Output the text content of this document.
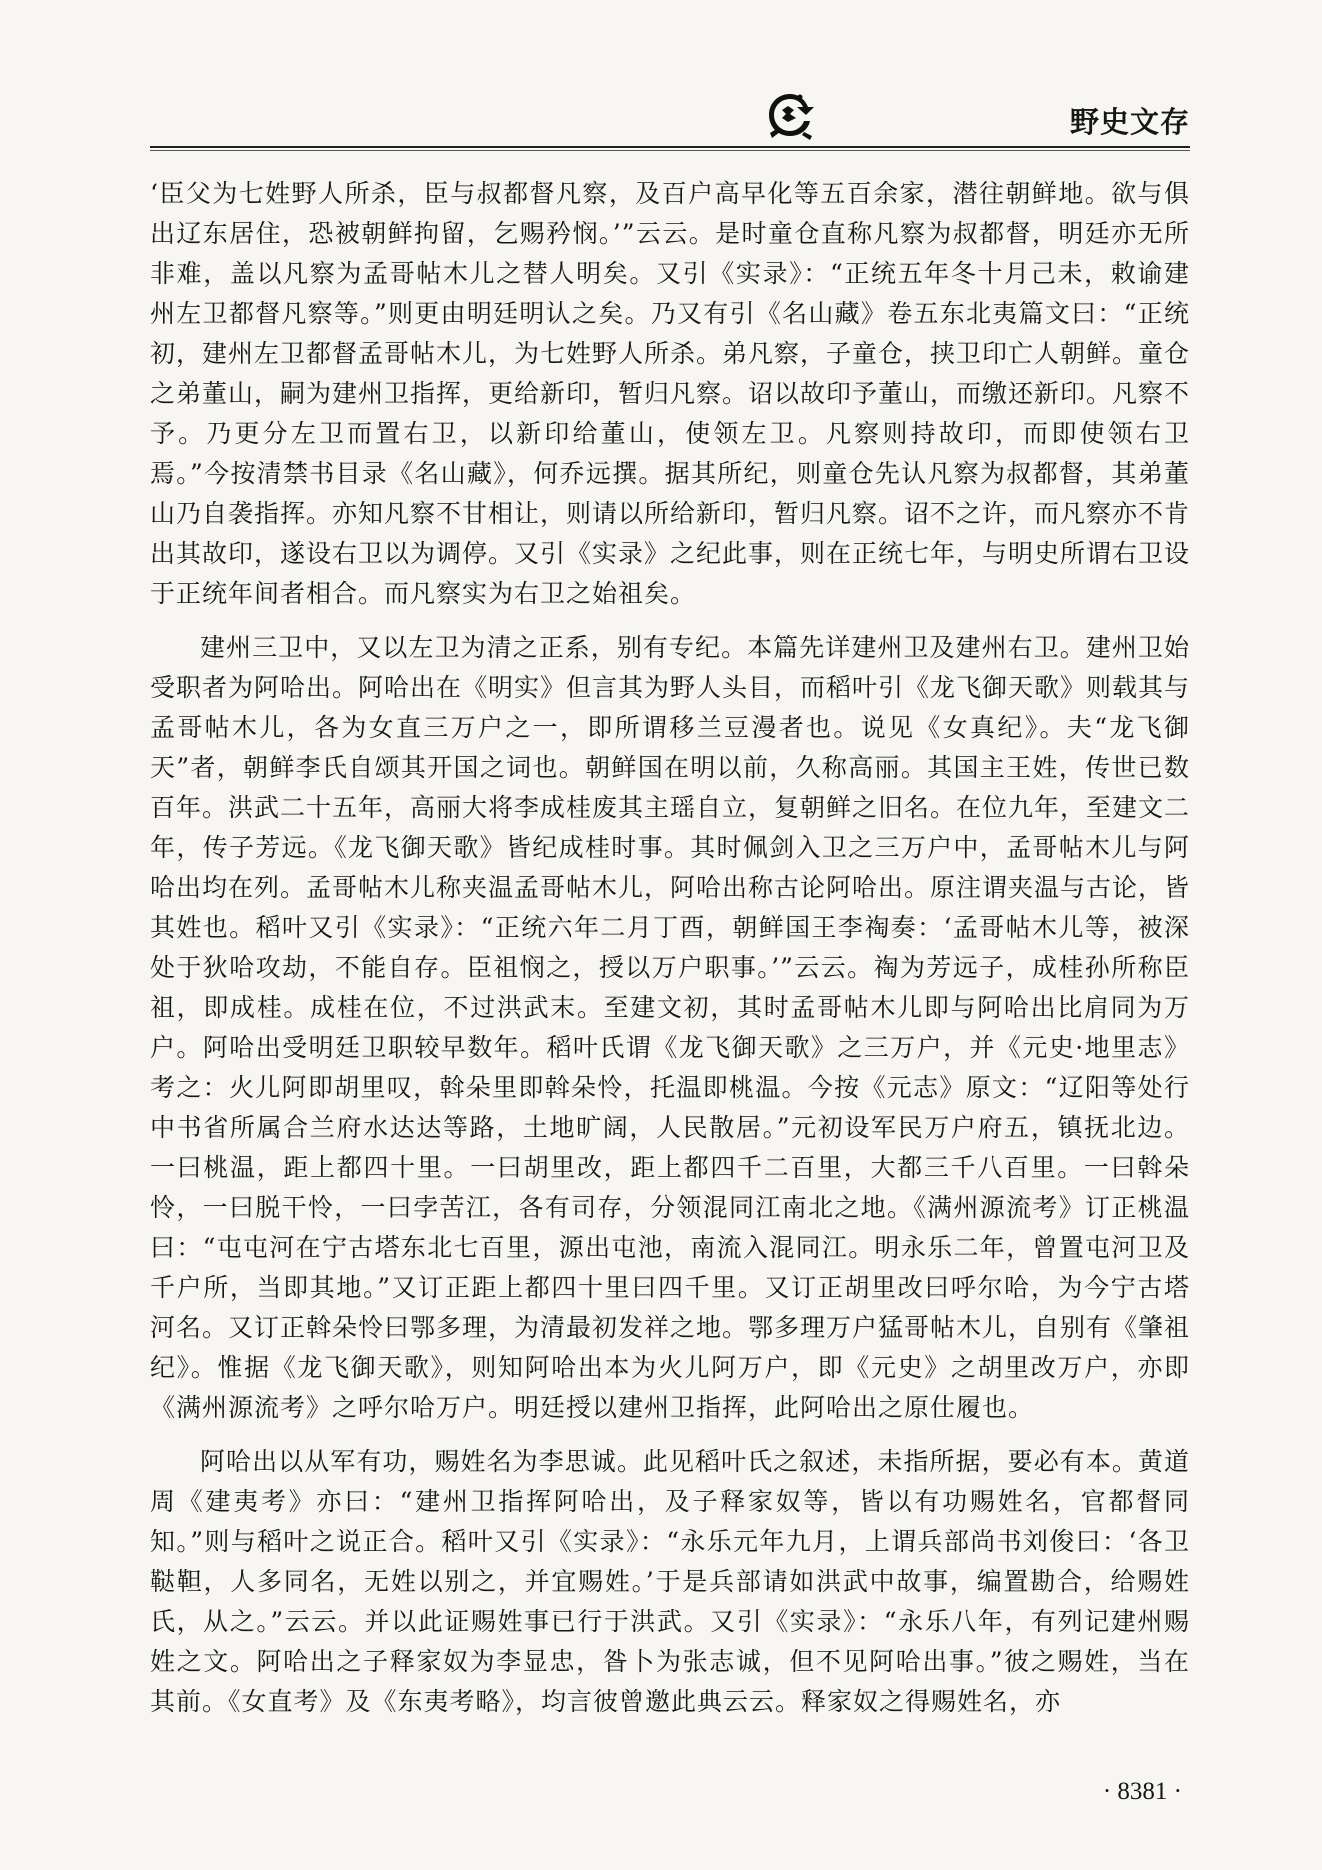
野史文存

‘臣父为七姓野人所杀，臣与叔都督凡察，及百户高早化等五百余家，潜往朝鲜地。欲与俱出辽东居住，恐被朝鲜拘留，乞赐矜悯。’”云云。是时童仓直称凡察为叔都督，明廷亦无所非难，盖以凡察为孟哥帖木儿之替人明矣。又引《实录》：“正统五年冬十月己未，敕谕建州左卫都督凡察等。”则更由明廷明认之矣。乃又有引《名山藏》卷五东北夷篇文曰：“正统初，建州左卫都督孟哥帖木儿，为七姓野人所杀。弟凡察，子童仓，挟卫印亡人朝鲜。童仓之弟董山，嗣为建州卫指挥，更给新印，暂归凡察。诏以故印予董山，而缴还新印。凡察不予。乃更分左卫而置右卫，以新印给董山，使领左卫。凡察则持故印，而即使领右卫焉。”今按清禁书目录《名山藏》，何乔远撰。据其所纪，则童仓先认凡察为叔都督，其弟董山乃自袭指挥。亦知凡察不甘相让，则请以所给新印，暂归凡察。诏不之许，而凡察亦不肯出其故印，遂设右卫以为调停。又引《实录》之纪此事，则在正统七年，与明史所谓右卫设于正统年间者相合。而凡察实为右卫之始祖矣。

建州三卫中，又以左卫为清之正系，别有专纪。本篇先详建州卫及建州右卫。建州卫始受职者为阿哈出。阿哈出在《明实》但言其为野人头目，而稻叶引《龙飞御天歌》则载其与孟哥帖木儿，各为女直三万户之一，即所谓移兰豆漫者也。说见《女真纪》。夫“龙飞御天”者，朝鲜李氏自颂其开国之词也。朝鲜国在明以前，久称高丽。其国主王姓，传世已数百年。洪武二十五年，高丽大将李成桂废其主瑶自立，复朝鲜之旧名。在位九年，至建文二年，传子芳远。《龙飞御天歌》皆纪成桂时事。其时佩剑入卫之三万户中，孟哥帖木儿与阿哈出均在列。孟哥帖木儿称夹温孟哥帖木儿，阿哈出称古论阿哈出。原注谓夹温与古论，皆其姓也。稻叶又引《实录》：“正统六年二月丁酉，朝鲜国王李祹奏：‘孟哥帖木儿等，被深处于狄哈攻劫，不能自存。臣祖悯之，授以万户职事。’”云云。祹为芳远子，成桂孙所称臣祖，即成桂。成桂在位，不过洪武末。至建文初，其时孟哥帖木儿即与阿哈出比肩同为万户。阿哈出受明廷卫职较早数年。稻叶氏谓《龙飞御天歌》之三万户，并《元史·地里志》考之：火儿阿即胡里叹，斡朵里即斡朵怜，托温即桃温。今按《元志》原文：“辽阳等处行中书省所属合兰府水达达等路，土地旷阔，人民散居。”元初设军民万户府五，镇抚北边。一曰桃温，距上都四十里。一曰胡里改，距上都四千二百里，大都三千八百里。一曰斡朵怜，一曰脱干怜，一曰孛苦江，各有司存，分领混同江南北之地。《满州源流考》订正桃温曰：“屯屯河在宁古塔东北七百里，源出屯池，南流入混同江。明永乐二年，曾置屯河卫及千户所，当即其地。”又订正距上都四十里曰四千里。又订正胡里改曰呼尔哈，为今宁古塔河名。又订正斡朵怜曰鄂多理，为清最初发祥之地。鄂多理万户猛哥帖木儿，自别有《肇祖纪》。惟据《龙飞御天歌》，则知阿哈出本为火儿阿万户，即《元史》之胡里改万户，亦即《满州源流考》之呼尔哈万户。明廷授以建州卫指挥，此阿哈出之原仕履也。

阿哈出以从军有功，赐姓名为李思诚。此见稻叶氏之叙述，未指所据，要必有本。黄道周《建夷考》亦曰：“建州卫指挥阿哈出，及子释家奴等，皆以有功赐姓名，官都督同知。”则与稻叶之说正合。稻叶又引《实录》：“永乐元年九月，上谓兵部尚书刘俊曰：‘各卫鞑靼，人多同名，无姓以别之，并宜赐姓。’于是兵部请如洪武中故事，编置勘合，给赐姓氏，从之。”云云。并以此证赐姓事已行于洪武。又引《实录》：“永乐八年，有列记建州赐姓之文。阿哈出之子释家奴为李显忠，昝卜为张志诚，但不见阿哈出事。”彼之赐姓，当在其前。《女直考》及《东夷考略》，均言彼曾邀此典云云。释家奴之得赐姓名，亦

· 8381 ·
